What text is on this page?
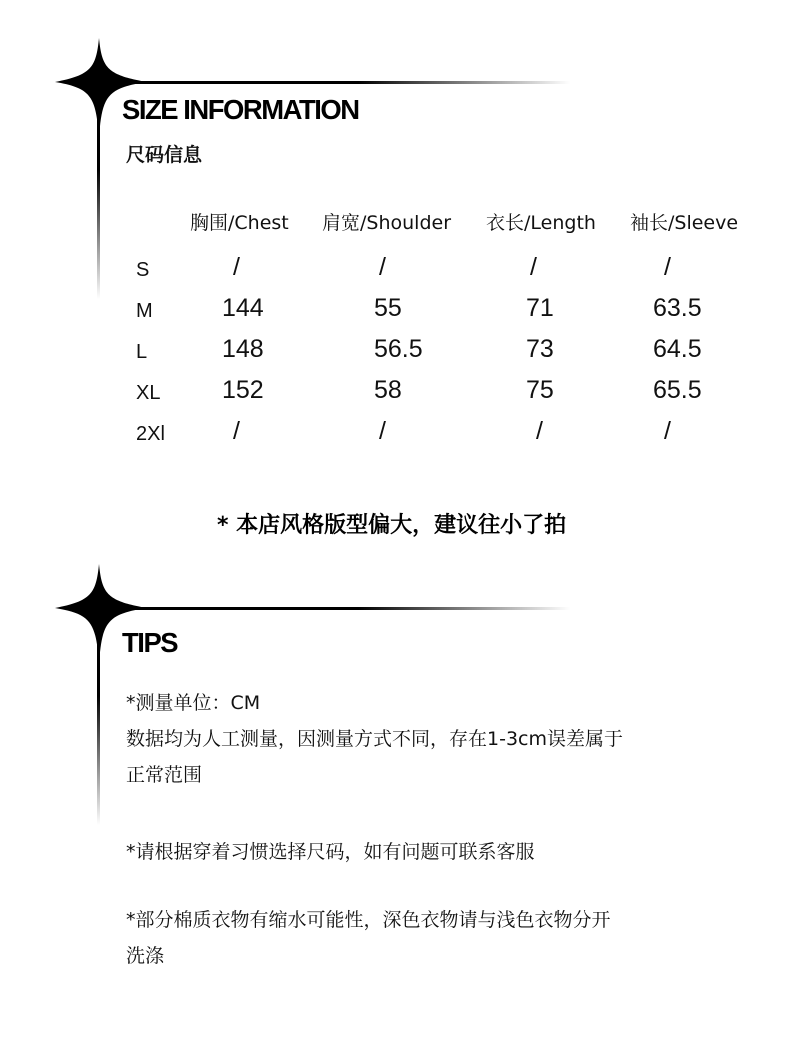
SIZE INFORMATION
尺码信息
胸围/Chest 肩宽/Shoulder 衣长/Length 袖长/Sleeve
S	/	/	/	/
M	144	55	71	63.5
L	148	56.5	73	64.5
XL 152	58	75	65.5
2Xl	/	/	/	/
* 本店风格版型偏大，建议往小了拍
TIPS
*测量单位：CM
数据均为人工测量，因测量方式不同，存在1-3cm误差属于
正常范围
*请根据穿着习惯选择尺码，如有问题可联系客服
*部分棉质衣物有缩水可能性，深色衣物请与浅色衣物分开
洗涤
